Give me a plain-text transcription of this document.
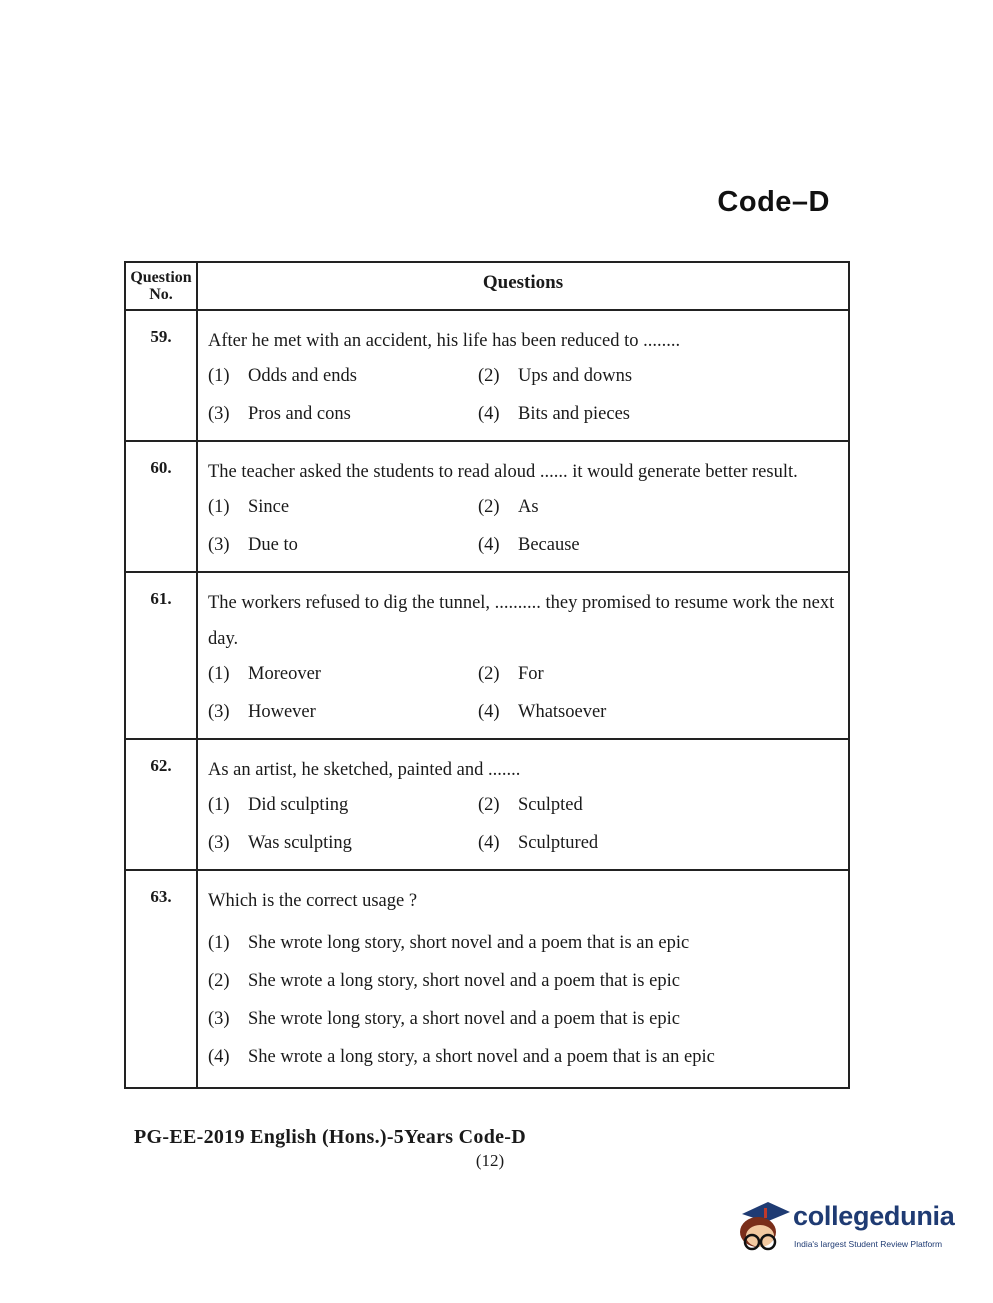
Code–D
Question No.
Questions
59.	After he met with an accident, his life has been reduced to ........
(1) Odds and ends	(2) Ups and downs
(3) Pros and cons	(4) Bits and pieces
60.	The teacher asked the students to read aloud ...... it would generate better result.
(1) Since	(2) As
(3) Due to	(4) Because
61.	The workers refused to dig the tunnel, .......... they promised to resume work the next day.
(1) Moreover	(2) For
(3) However	(4) Whatsoever
62.	As an artist, he sketched, painted and .......
(1) Did sculpting	(2) Sculpted
(3) Was sculpting	(4) Sculptured
63.	Which is the correct usage ?
(1) She wrote long story, short novel and a poem that is an epic
(2) She wrote a long story, short novel and a poem that is epic
(3) She wrote long story, a short novel and a poem that is epic
(4) She wrote a long story, a short novel and a poem that is an epic
PG-EE-2019 English (Hons.)-5Years Code-D
(12)
collegedunia
India's largest Student Review Platform
